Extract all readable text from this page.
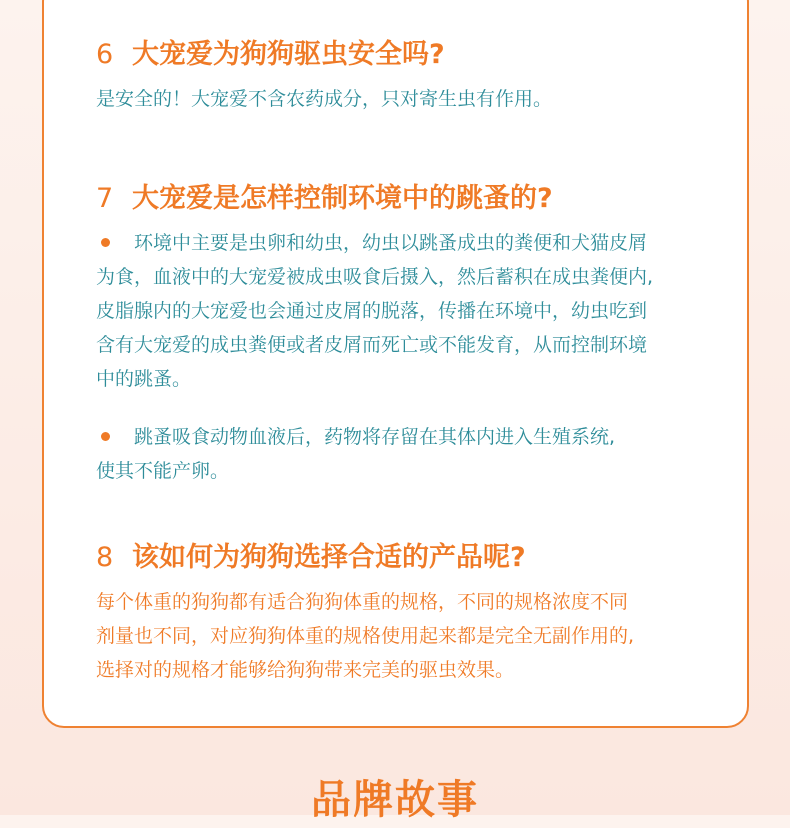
6 大宠爱为狗狗驱虫安全吗?

是安全的！大宠爱不含农药成分，只对寄生虫有作用。

7 大宠爱是怎样控制环境中的跳蚤的?
环境中主要是虫卵和幼虫，幼虫以跳蚤成虫的粪便和犬猫皮屑
为食，血液中的大宠爱被成虫吸食后摄入，然后蓄积在成虫粪便内,
皮脂腺内的大宠爱也会通过皮屑的脱落，传播在环境中，幼虫吃到
含有大宠爱的成虫粪便或者皮屑而死亡或不能发育，从而控制环境
中的跳蚤。
跳蚤吸食动物血液后，药物将存留在其体内进入生殖系统,
使其不能产卵。
8 该如何为狗狗选择合适的产品呢?
每个体重的狗狗都有适合狗狗体重的规格，不同的规格浓度不同
剂量也不同，对应狗狗体重的规格使用起来都是完全无副作用的,
选择对的规格才能够给狗狗带来完美的驱虫效果。
品牌故事
